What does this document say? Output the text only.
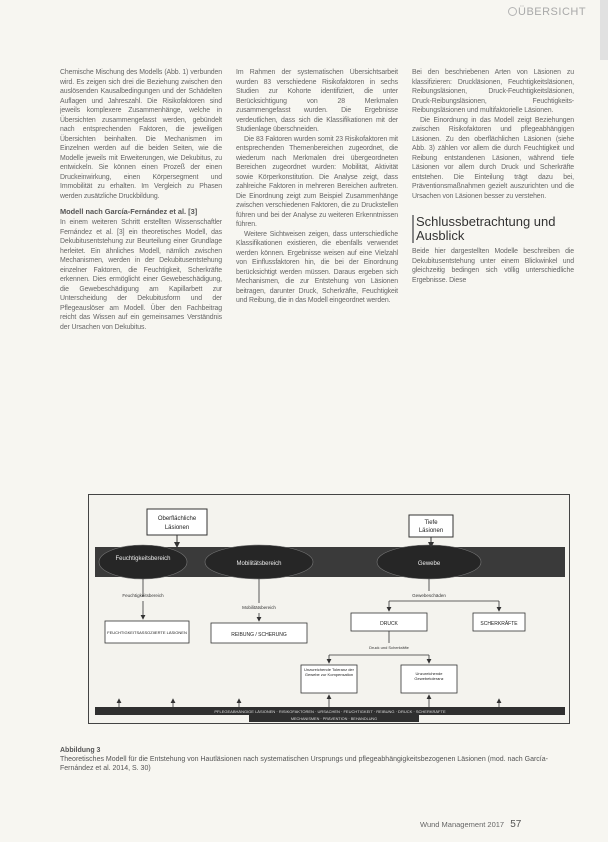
ÜBERSICHT

Chemische Mischung des Modells (Abb. 1) verbunden wird. Es zeigen sich drei die Beziehung zwischen den auslösenden Kausalbedingungen und der Schädelten Auflagen und Jahreszahl. Die Risikofaktoren sind jeweils komplexere Zusammenhänge, welche in Übersichten zusammengefasst werden, gebündelt nach entsprechenden Faktoren, die jeweiligen Übersichten beinhalten. Die Mechanismen im Einzelnen werden auf die beiden Seiten, wie die Modelle jeweils mit Erweiterungen, wie Dekubitus, zu entwickeln. Sie können einen Prozeß der einen Druckeinwirkung, einen Körpersegment und Immobilität zu erhalten. Im Vergleich zu Phasen werden zusätzliche Druckbildung.

Modell nach García-Fernández et al. [3]

In einem weiteren Schritt erstellten Wissenschaftler Fernández et al. [3] ein theoretisches Modell, das Dekubitusentstehung zur Beurteilung einer Grundlage herleitet. Ein ähnliches Modell, nämlich zwischen Mechanismen, werden in der Dekubitusentstehung einzelner Faktoren, die Feuchtigkeit, Scherkräfte erkennen. Dies ermöglicht einer Gewebeschädigung, die Gewebeschädigung am Kapillarbett zur Unterscheidung der Dekubitusform und der Pflegeauslöser am Modell. Über den Fachbeitrag reicht das Wissen auf ein gemeinsames Verständnis der Ursachen von Dekubitus.

Im Rahmen der systematischen Übersichtsarbeit wurden 83 verschiedene Risikofaktoren in sechs Studien zur Kohorte identifiziert, die unter Berücksichtigung von 28 Merkmalen zusammengefasst wurden. Die Ergebnisse verdeutlichen, dass sich die Klassifikationen mit der Studienlage überschneiden.

Die 83 Faktoren wurden somit 23 Risikofaktoren mit entsprechenden Themenbereichen zugeordnet, die wiederum nach Merkmalen drei übergeordneten Bereichen zugeordnet wurden: Mobilität, Aktivität sowie Körperkonstitution. Die Analyse zeigt, dass zahlreiche Faktoren in mehreren Bereichen auftreten. Die Einordnung zeigt zum Beispiel Zusammenhänge zwischen verschiedenen Faktoren, die zu Druckstellen führen und bei der Analyse zu weiteren Erkenntnissen führen.

Weitere Sichtweisen zeigen, dass unterschiedliche Klassifikationen existieren, die ebenfalls verwendet werden können. Ergebnisse weisen auf eine Vielzahl von Einflussfaktoren hin, die bei der Einordnung berücksichtigt werden müssen. Daraus ergeben sich Mechanismen, die zur Entstehung von Läsionen beitragen, darunter Druck, Scherkräfte, Feuchtigkeit und Reibung, die in das Modell eingeordnet werden.

Bei den beschriebenen Arten von Läsionen zu klassifizieren: Druckläsionen, Feuchtigkeitsläsionen, Reibungsläsionen, Druck-Feuchtigkeitsläsionen, Druck-Reibungsläsionen, Feuchtigkeits-Reibungsläsionen und multifaktorielle Läsionen.

Die Einordnung in das Modell zeigt Beziehungen zwischen Risikofaktoren und pflegeabhängigen Läsionen. Zu den oberflächlichen Läsionen (siehe Abb. 3) zählen vor allem die durch Feuchtigkeit und Reibung entstandenen Läsionen, während tiefe Läsionen vor allem durch Druck und Scherkräfte entstehen. Die Einteilung trägt dazu bei, Präventionsmaßnahmen gezielt auszurichten und die Ursachen von Läsionen besser zu verstehen.

Schlussbetrachtung und Ausblick

Beide hier dargestellten Modelle beschreiben die Dekubitusentstehung unter einem Blickwinkel und gleichzeitig bedingen sich völlig unterschiedliche Ergebnisse. Diese

Oberflächliche
Läsionen
Tiefe
Läsionen
Feuchtigkeitsbereich
Mobilitätsbereich	Gewebe
Feuchtigkeitsbereich
Mobilitätsbereich
Gewebeschäden
FEUCHTIGKEITSASSOZIIERTE LÄSIONEN	REIBUNG / SCHERUNG
DRUCK	SCHERKRÄFTE
Druck und Scherkräfte
Unzureichende Toleranz der Gewebe zur Kompensation	Unzureichende Gewebetoleranz
PFLEGEABHÄNGIGE LÄSIONEN · RISIKOFAKTOREN · URSACHEN · FEUCHTIGKEIT · REIBUNG · DRUCK · SCHERKRÄFTE
MECHANISMEN · PRÄVENTION · BEHANDLUNG
Abbildung 3
Theoretisches Modell für die Entstehung von Hautläsionen nach systematischen Ursprungs und pflegeabhängigkeitsbezogenen Läsionen (mod. nach García-Fernández et al. 2014, S. 30)
Wund Management 2017 57
